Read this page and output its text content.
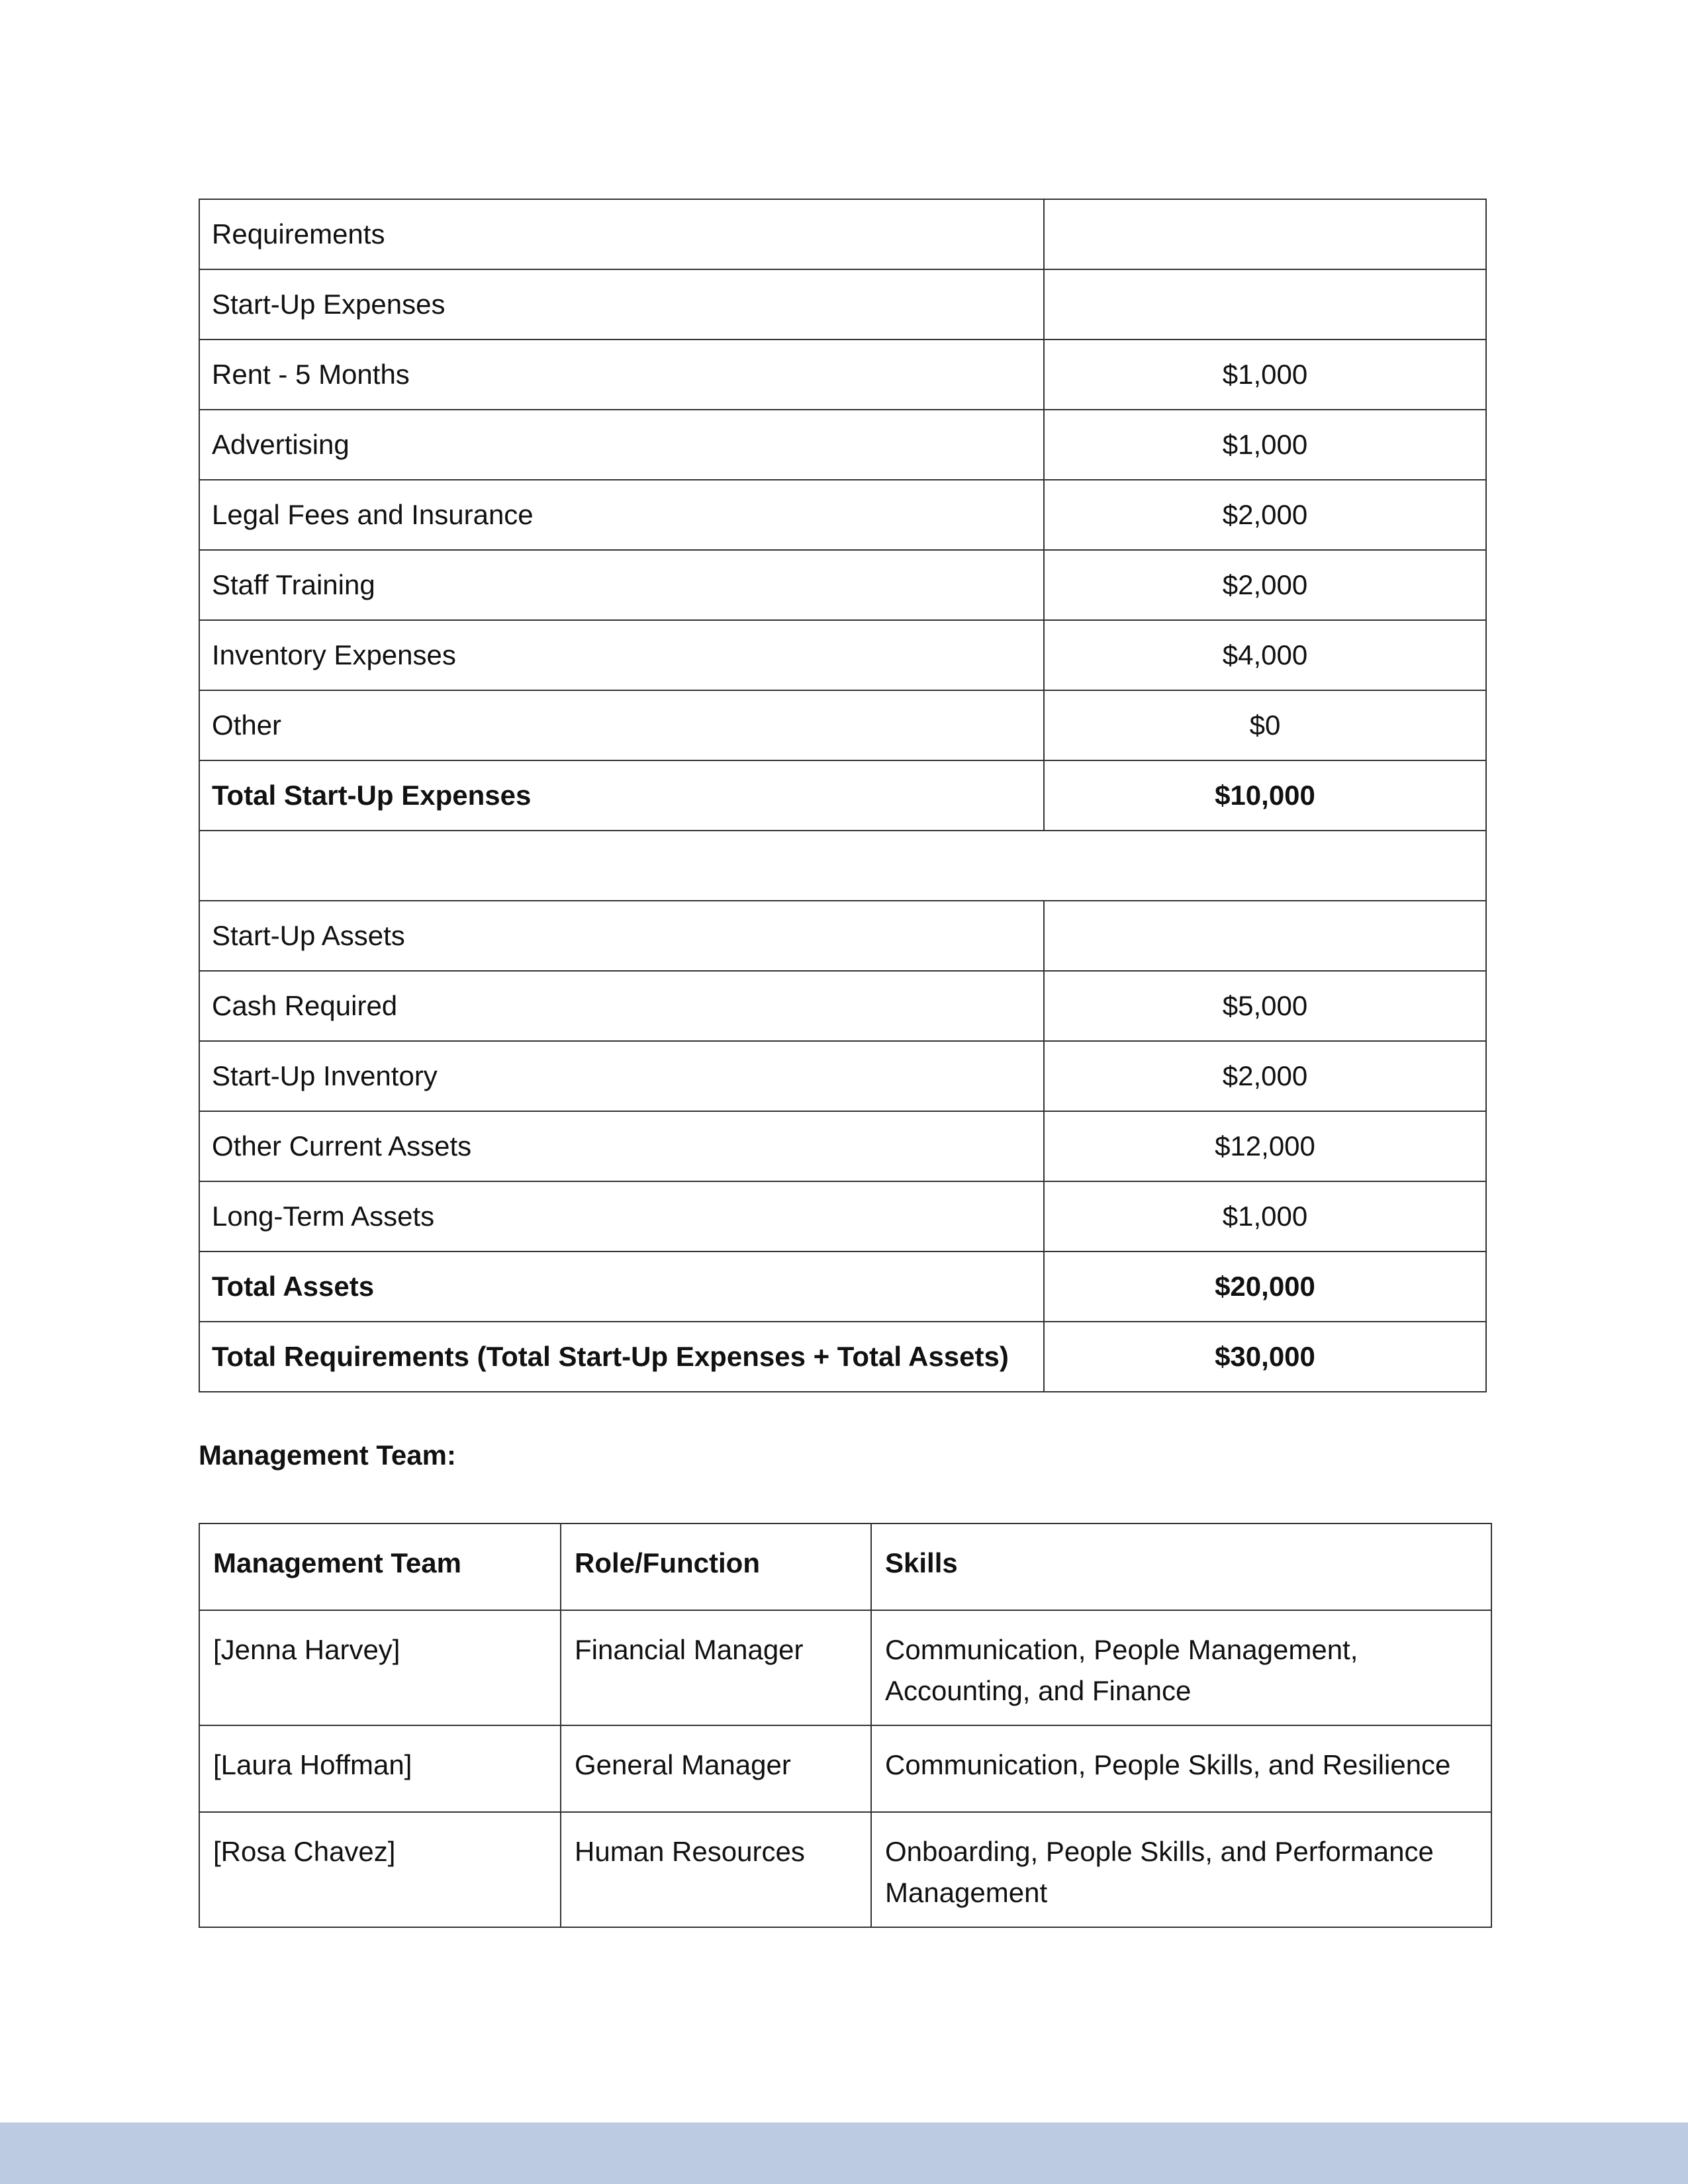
Requirements	
Start-Up Expenses	
Rent - 5 Months	$1,000
Advertising	$1,000
Legal Fees and Insurance	$2,000
Staff Training	$2,000
Inventory Expenses	$4,000
Other	$0
Total Start-Up Expenses	$10,000

Start-Up Assets	
Cash Required	$5,000
Start-Up Inventory	$2,000
Other Current Assets	$12,000
Long-Term Assets	$1,000
Total Assets	$20,000
Total Requirements (Total Start-Up Expenses + Total Assets)	$30,000

Management Team:

Management Team	Role/Function	Skills
[Jenna Harvey]	Financial Manager	Communication, People Management, Accounting, and Finance
[Laura Hoffman]	General Manager	Communication, People Skills, and Resilience
[Rosa Chavez]	Human Resources	Onboarding, People Skills, and Performance Management
